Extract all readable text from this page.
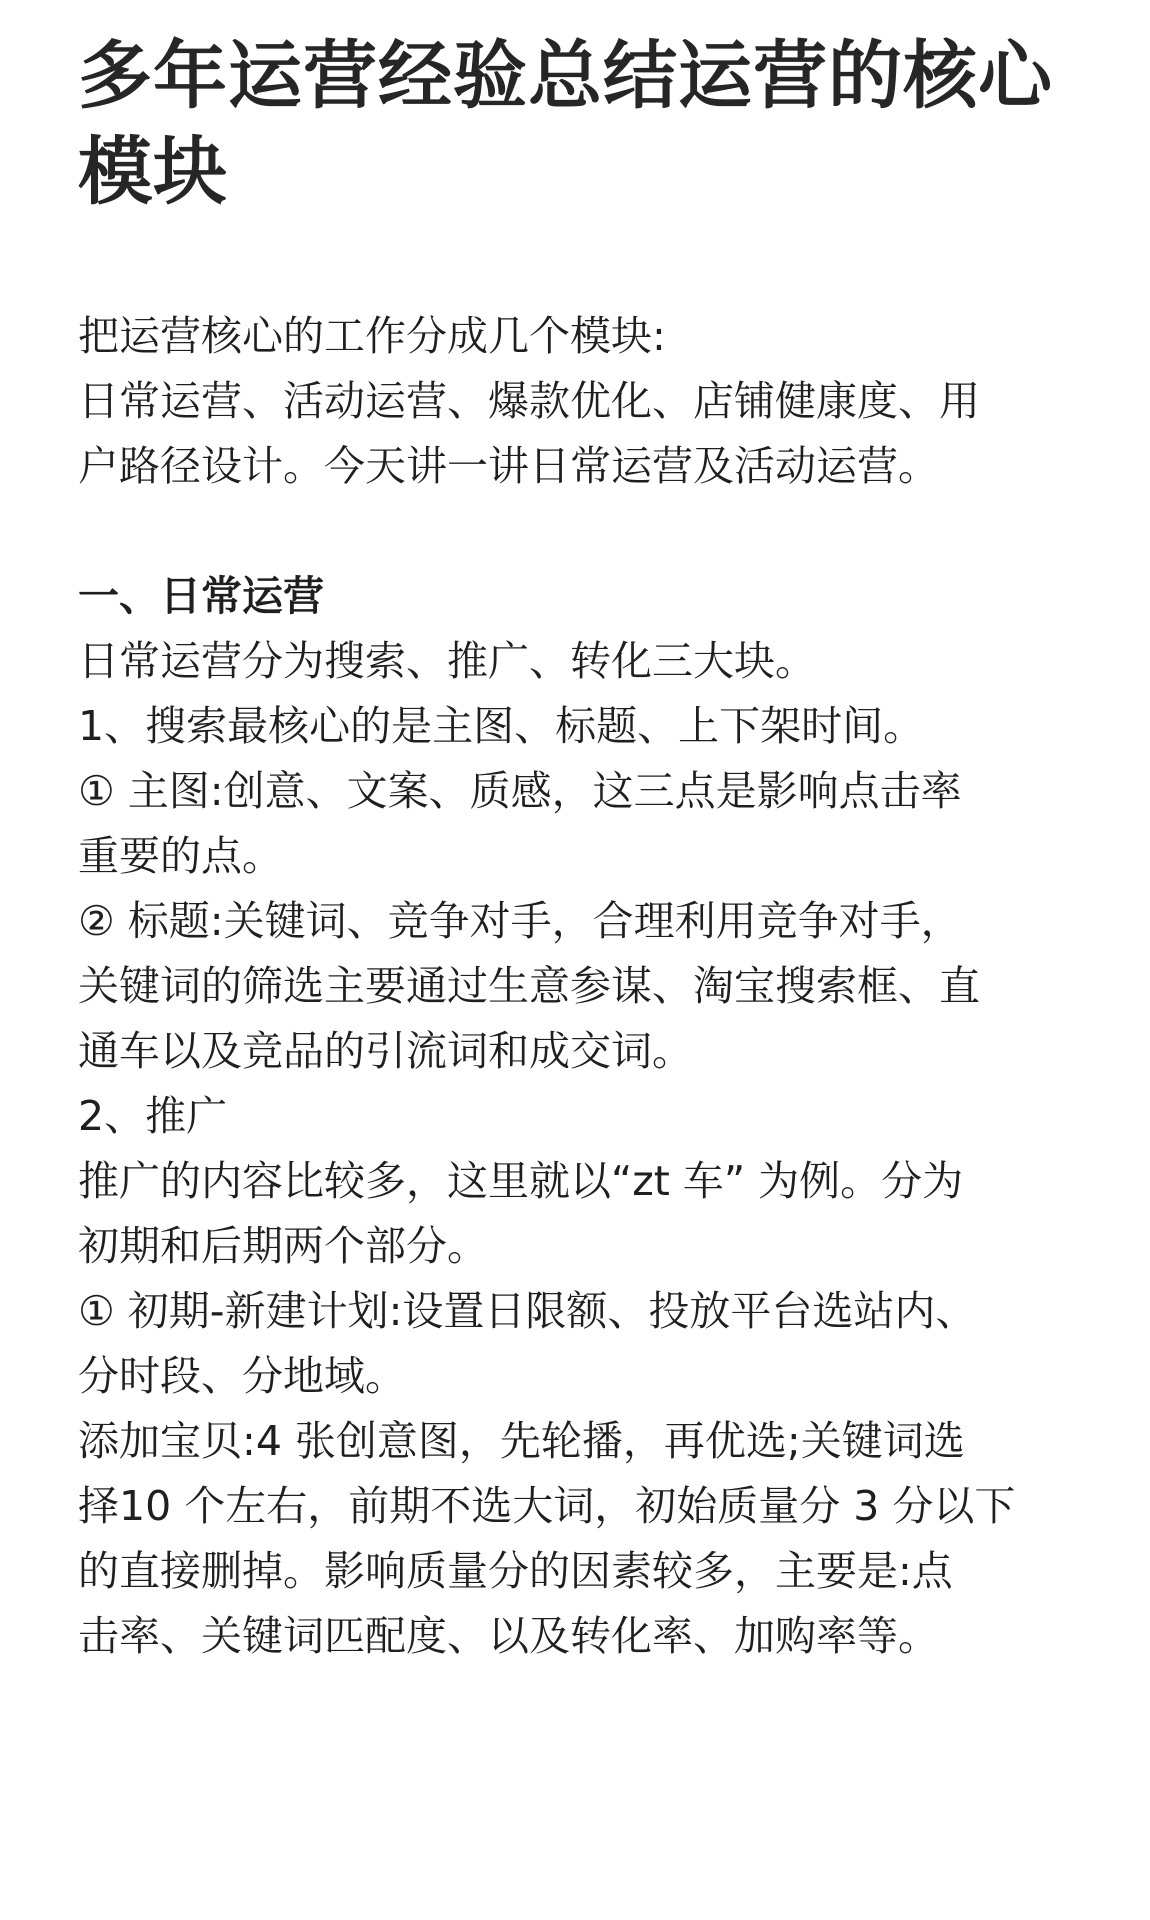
多年运营经验总结运营的核心
模块
把运营核心的工作分成几个模块:
日常运营、活动运营、爆款优化、店铺健康度、用
户路径设计。今天讲一讲日常运营及活动运营。
一、日常运营
日常运营分为搜索、推广、转化三大块。
1、搜索最核心的是主图、标题、上下架时间。
① 主图:创意、文案、质感，这三点是影响点击率
重要的点。
② 标题:关键词、竞争对手，合理利用竞争对手，
关键词的筛选主要通过生意参谋、淘宝搜索框、直
通车以及竞品的引流词和成交词。
2、推广
推广的内容比较多，这里就以“zt 车” 为例。分为
初期和后期两个部分。
① 初期-新建计划:设置日限额、投放平台选站内、
分时段、分地域。
添加宝贝:4 张创意图，先轮播，再优选;关键词选
择10 个左右，前期不选大词，初始质量分 3 分以下
的直接删掉。影响质量分的因素较多，主要是:点
击率、关键词匹配度、以及转化率、加购率等。
